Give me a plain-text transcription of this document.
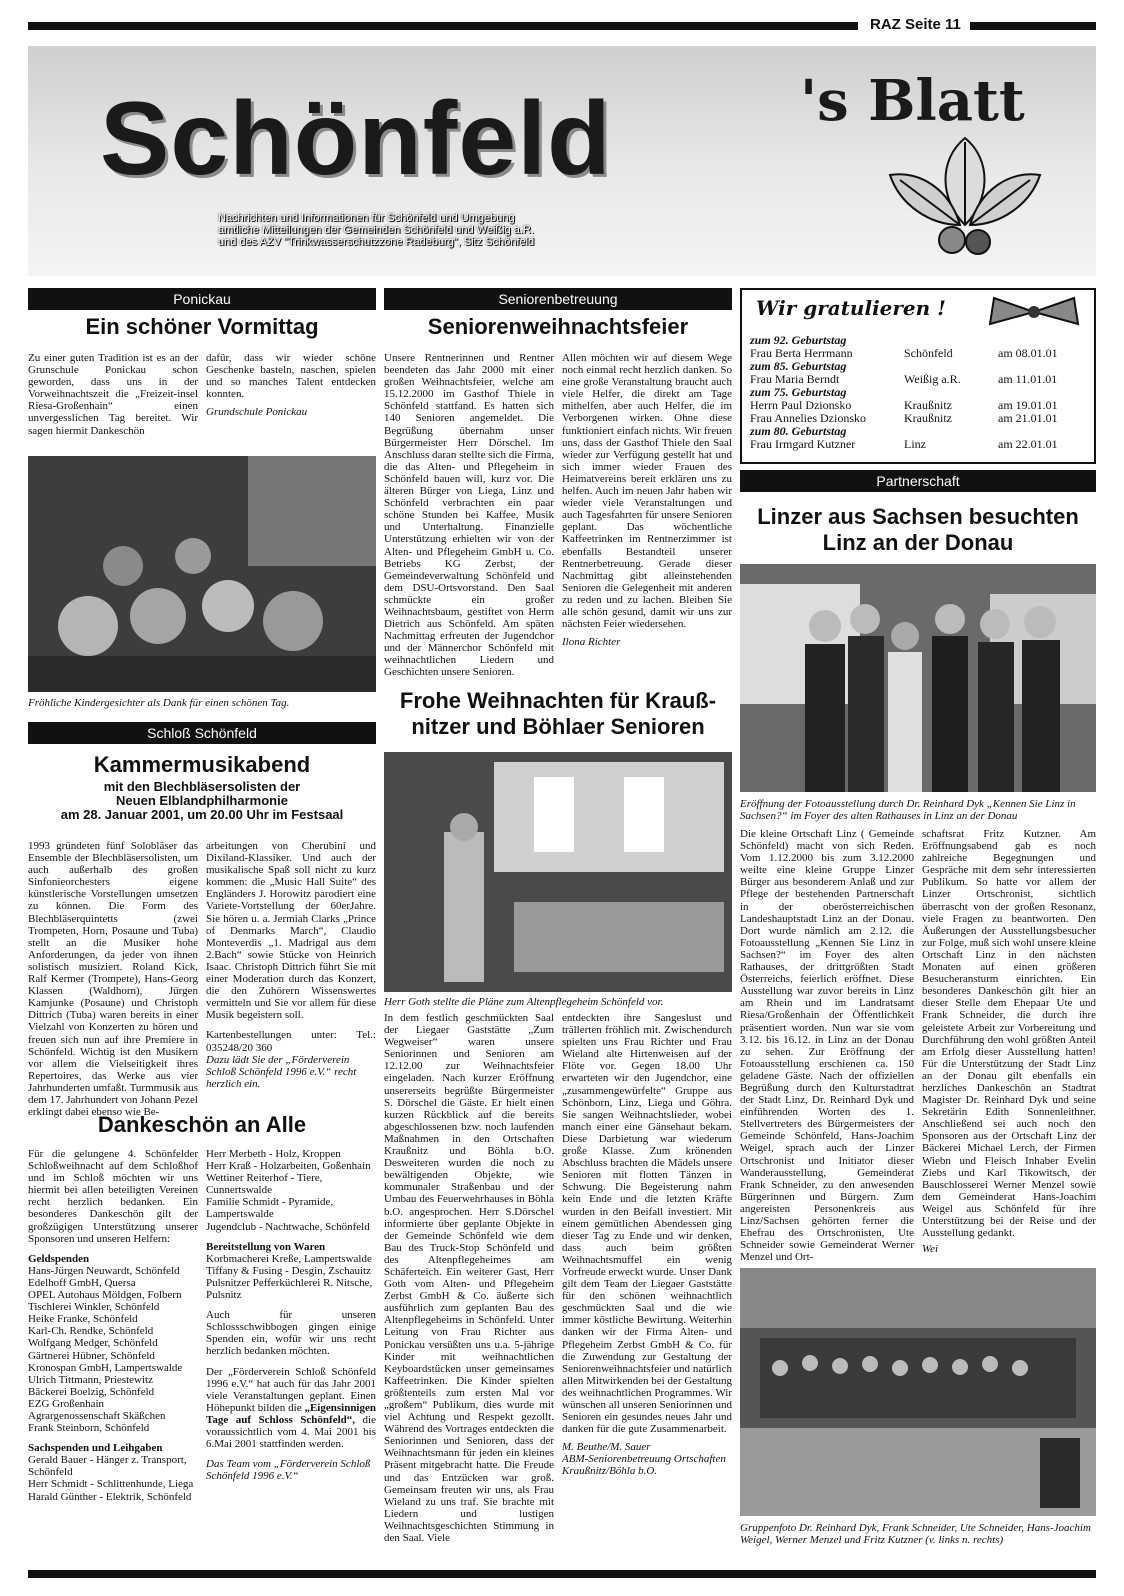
RAZ Seite 11
Schönfeld	's Blatt
Nachrichten und Informationen für Schönfeld und Umgebung
amtliche Mitteilungen der Gemeinden Schönfeld und Weißig a.R.
und des AZV "Trinkwasserschutzzone Radeburg", Sitz Schönfeld
Ponickau
Ein schöner Vormittag
Zu einer guten Tradition ist es an der Grunschule Ponickau schon geworden, dass uns in der Vorweihnachtszeit die „Freizeit-insel Riesa-Großenhain“ einen unvergesslichen Tag bereitet. Wir sagen hiermit Dankeschön
dafür, dass wir wieder schöne Geschenke basteln, naschen, spielen und so manches Talent entdecken konnten.
Grundschule Ponickau
Fröhliche Kindergesichter als Dank für einen schönen Tag.
Schloß Schönfeld
Kammermusikabend
mit den Blechbläsersolisten der
Neuen Elblandphilharmonie
am 28. Januar 2001, um 20.00 Uhr im Festsaal
1993 gründeten fünf Solobläser das Ensemble der Blechbläsersolisten, um auch außerhalb des großen Sinfonieorchesters eigene künstlerische Vorstellungen umsetzen zu können. Die Form des Blechbläserquintetts (zwei Trompeten, Horn, Posaune und Tuba) stellt an die Musiker hohe Anforderungen, da jeder von ihnen solistisch musiziert. Roland Kick, Ralf Kermer (Trompete), Hans-Georg Klassen (Waldhorn), Jürgen Kamjunke (Posaune) und Christoph Dittrich (Tuba) waren bereits in einer Vielzahl von Konzerten zu hören und freuen sich nun auf ihre Premiere in Schönfeld. Wichtig ist den Musikern vor allem die Vielseitigkeit ihres Repertoires, das Werke aus vier Jahrhunderten umfaßt. Turmmusik aus dem 17. Jahrhundert von Johann Pezel erklingt dabei ebenso wie Be-
arbeitungen von Cherubini und Dixiland-Klassiker. Und auch der musikalische Spaß soll nicht zu kurz kommen: die „Music Hall Suite“ des Engländers J. Horowitz parodiert eine Variete-Vortstellung der 60erJahre. Sie hören u. a. Jermiah Clarks „Prince of Denmarks March“, Claudio Monteverdis „1. Madrigal aus dem 2.Bach“ sowie Stücke von Heinrich Isaac. Christoph Dittrich führt Sie mit einer Moderation durch das Konzert, die den Zuhörern Wissenswertes vermitteln und Sie vor allem für diese Musik begeistern soll.
Kartenbestellungen unter: Tel.: 035248/20 360
Dazu lädt Sie der „Förderverein Schloß Schönfeld 1996 e.V.“ recht herzlich ein.
Dankeschön an Alle
Für die gelungene 4. Schönfelder Schloßweihnacht auf dem Schloßhof und im Schloß möchten wir uns hiermit bei allen beteiligten Vereinen recht herzlich bedanken. Ein besonderes Dankeschön gilt der großzügigen Unterstützung unserer Sponsoren und unseren Helfern:
Geldspenden
Hans-Jürgen Neuwardt, Schönfeld
Edelhoff GmbH, Quersa
OPEL Autohaus Möldgen, Folbern
Tischlerei Winkler, Schönfeld
Heike Franke, Schönfeld
Karl-Ch. Rendke, Schönfeld
Wolfgang Medger, Schönfeld
Gärtnerei Hübner, Schönfeld
Kronospan GmbH, Lampertswalde
Ulrich Tittmann, Priestewitz
Bäckerei Boelzig, Schönfeld
EZG Großenhain
Agrargenossenschaft Skäßchen
Frank Steinborn, Schönfeld
Sachspenden und Leihgaben
Gerald Bauer - Hänger z. Transport, Schönfeld
Herr Schmidt - Schlittenhunde, Liega
Harald Günther - Elektrik, Schönfeld
Herr Merbeth - Holz, Kroppen
Herr Kraß - Holzarbeiten, Goßenhain
Wettiner Reiterhof - Tiere, Cunnertswalde
Familie Schmidt - Pyramide, Lampertswalde
Jugendclub - Nachtwache, Schönfeld
Bereitstellung von Waren
Korbmacherei Kreße, Lampertswalde
Tiffany & Fusing - Desgin, Zschauitz
Pulsnitzer Pefferküchlerei R. Nitsche, Pulsnitz
Auch für unseren Schlossschwibbogen gingen einige Spenden ein, wofür wir uns recht herzlich bedanken möchten.
Der „Förderverein Schloß Schönfeld 1996 e.V.“ hat auch für das Jahr 2001 viele Veranstaltungen geplant. Einen Höhepunkt bilden die „Eigensinnigen Tage auf Schloss Schönfeld“, die voraussichtlich vom 4. Mai 2001 bis 6.Mai 2001 stattfinden werden.
Das Team vom „Förderverein Schloß Schönfeld 1996 e.V.“
Seniorenbetreuung
Seniorenweihnachtsfeier
Unsere Rentnerinnen und Rentner beendeten das Jahr 2000 mit einer großen Weihnachtsfeier, welche am 15.12.2000 im Gasthof Thiele in Schönfeld stattfand. Es hatten sich 140 Senioren angemeldet. Die Begrüßung übernahm unser Bürgermeister Herr Dörschel. Im Anschluss daran stellte sich die Firma, die das Alten- und Pflegeheim in Schönfeld bauen will, kurz vor. Die älteren Bürger von Liega, Linz und Schönfeld verbrachten ein paar schöne Stunden bei Kaffee, Musik und Unterhaltung. Finanzielle Unterstützung erhielten wir von der Alten- und Pflegeheim GmbH u. Co. Betriebs KG Zerbst, der Gemeindeverwaltung Schönfeld und dem DSU-Ortsvorstand. Den Saal schmückte ein großer Weihnachtsbaum, gestiftet von Herrn Dietrich aus Schönfeld. Am späten Nachmittag erfreuten der Jugendchor und der Männerchor Schönfeld mit weihnachtlichen Liedern und Geschichten unsere Senioren.
Allen möchten wir auf diesem Wege noch einmal recht herzlich danken. So eine große Veranstaltung braucht auch viele Helfer, die direkt am Tage mithelfen, aber auch Helfer, die im Verborgenen wirken. Ohne diese funktioniert einfach nichts. Wir freuen uns, dass der Gasthof Thiele den Saal wieder zur Verfügung gestellt hat und sich immer wieder Frauen des Heimatvereins bereit erklären uns zu helfen. Auch im neuen Jahr haben wir wieder viele Veranstaltungen und auch Tagesfahrten für unsere Senioren geplant. Das wöchentliche Kaffeetrinken im Rentnerzimmer ist ebenfalls Bestandteil unserer Rentnerbetreuung. Gerade dieser Nachmittag gibt alleinstehenden Senioren die Gelegenheit mit anderen zu reden und zu lachen. Bleiben Sie alle schön gesund, damit wir uns zur nächsten Feier wiedersehen.
Ilona Richter
Frohe Weihnachten für Krauß-
nitzer und Böhlaer Senioren
Herr Goth stellte die Pläne zum Altenpflegeheim Schönfeld vor.
In dem festlich geschmückten Saal der Liegaer Gaststätte „Zum Wegweiser“ waren unsere Seniorinnen und Senioren am 12.12.00 zur Weihnachtsfeier eingeladen. Nach kurzer Eröffnung unsererseits begrüßte Bürgermeister S. Dörschel die Gäste. Er hielt einen kurzen Rückblick auf die bereits abgeschlossenen bzw. noch laufenden Maßnahmen in den Ortschaften Kraußnitz und Böhla b.O. Desweiteren wurden die noch zu bewältigenden Objekte, wie kommunaler Straßenbau und der Umbau des Feuerwehrhauses in Böhla b.O. angesprochen. Herr S.Dörschel informierte über geplante Objekte in der Gemeinde Schönfeld wie dem Bau des Truck-Stop Schönfeld und des Altenpflegeheimes am Schäferteich. Ein weiterer Gast, Herr Goth vom Alten- und Pflegeheim Zerbst GmbH & Co. äußerte sich ausführlich zum geplanten Bau des Altenpflegeheims in Schönfeld. Unter Leitung von Frau Richter aus Ponickau versüßten uns u.a. 5-jährige Kinder mit weihnachtlichen Keyboardstücken unser gemeinsames Kaffeetrinken. Die Kinder spielten größtenteils zum ersten Mal vor „großem“ Publikum, dies wurde mit viel Achtung und Respekt gezollt. Während des Vortrages entdeckten die Seniorinnen und Senioren, dass der Weihnachtsmann für jeden ein kleines Präsent mitgebracht hatte. Die Freude und das Entzücken war groß. Gemeinsam freuten wir uns, als Frau Wieland zu uns traf. Sie brachte mit Liedern und lustigen Weihnachtsgeschichten Stimmung in den Saal. Viele
entdeckten ihre Sangeslust und trällerten fröhlich mit. Zwischendurch spielten uns Frau Richter und Frau Wieland alte Hirtenweisen auf der Flöte vor. Gegen 18.00 Uhr erwarteten wir den Jugendchor, eine „zusammengewürfelte“ Gruppe aus Schönborn, Linz, Liega und Göhra. Sie sangen Weihnachtslieder, wobei manch einer eine Gänsehaut bekam. Diese Darbietung war wiederum große Klasse. Zum krönenden Abschluss brachten die Mädels unsere Senioren mit flotten Tänzen in Schwung. Die Begeisterung nahm kein Ende und die letzten Kräfte wurden in den Beifall investiert. Mit einem gemütlichen Abendessen ging dieser Tag zu Ende und wir denken, dass auch beim größten Weihnachtsmuffel ein wenig Vorfreude erweckt wurde. Unser Dank gilt dem Team der Liegaer Gaststätte für den schönen weihnachtlich geschmückten Saal und die wie immer köstliche Bewirtung. Weiterhin danken wir der Firma Alten- und Pflegeheim Zerbst GmbH & Co. für die Zuwendung zur Gestaltung der Seniorenweihnachtsfeier und natürlich allen Mitwirkenden bei der Gestaltung des weihnachtlichen Programmes. Wir wünschen all unseren Seniorinnen und Senioren ein gesundes neues Jahr und danken für die gute Zusammenarbeit.
M. Beuthe/M. Sauer
ABM-Seniorenbetreuung Ortschaften Kraußnitz/Böhla b.O.
Wir gratulieren !
zum 92. Geburtstag		
Frau Berta Herrmann	Schönfeld	am 08.01.01
zum 85. Geburtstag		
Frau Maria Berndt	Weißig a.R.	am 11.01.01
zum 75. Geburtstag		
Herrn Paul Dzionsko	Kraußnitz	am 19.01.01
Frau Annelies Dzionsko	Kraußnitz	am 21.01.01
zum 80. Geburtstag		
Frau Irmgard Kutzner	Linz	am 22.01.01
Partnerschaft
Linzer aus Sachsen besuchten
Linz an der Donau
Eröffnung der Fotoausstellung durch Dr. Reinhard Dyk „Kennen Sie Linz in Sachsen?“ im Foyer des alten Rathauses in Linz an der Donau
Die kleine Ortschaft Linz ( Gemeinde Schönfeld) macht von sich Reden. Vom 1.12.2000 bis zum 3.12.2000 weilte eine kleine Gruppe Linzer Bürger aus besonderem Anlaß und zur Pflege der bestehenden Partnerschaft in der oberösterreichischen Landeshauptstadt Linz an der Donau. Dort wurde nämlich am 2.12. die Fotoausstellung „Kennen Sie Linz in Sachsen?“ im Foyer des alten Rathauses, der drittgrößten Stadt Österreichs, feierlich eröffnet. Diese Ausstellung war zuvor bereits in Linz am Rhein und im Landratsamt Riesa/Großenhain der Öffentlichkeit präsentiert worden. Nun war sie vom 3.12. bis 16.12. in Linz an der Donau zu sehen. Zur Eröffnung der Fotoausstellung erschienen ca. 150 geladene Gäste. Nach der offiziellen Begrüßung durch den Kulturstadtrat der Stadt Linz, Dr. Reinhard Dyk und einführenden Worten des 1. Stellvertreters des Bürgermeisters der Gemeinde Schönfeld, Hans-Joachim Weigel, sprach auch der Linzer Ortschronist und Initiator dieser Wanderausstellung, Gemeinderat Frank Schneider, zu den anwesenden Bürgerinnen und Bürgern. Zum angereisten Personenkreis aus Linz/Sachsen gehörten ferner die Ehefrau des Ortschronisten, Ute Schneider sowie Gemeinderat Werner Menzel und Ort-
schaftsrat Fritz Kutzner. Am Eröffnungsabend gab es noch zahlreiche Begegnungen und Gespräche mit dem sehr interessierten Publikum. So hatte vor allem der Linzer Ortschronist, sichtlich überrascht von der großen Resonanz, viele Fragen zu beantworten. Den Äußerungen der Ausstellungsbesucher zur Folge, muß sich wohl unsere kleine Ortschaft Linz in den nächsten Monaten auf einen größeren Besucheransturm einrichten. Ein besonderes Dankeschön gilt hier an dieser Stelle dem Ehepaar Ute und Frank Schneider, die durch ihre geleistete Arbeit zur Vorbereitung und Durchführung den wohl größten Anteil am Erfolg dieser Ausstellung hatten! Für die Unterstützung der Stadt Linz an der Donau gilt ebenfalls ein herzliches Dankeschön an Stadtrat Magister Dr. Reinhard Dyk und seine Sekretärin Edith Sonnenleithner. Anschließend sei auch noch den Sponsoren aus der Ortschaft Linz der Bäckerei Michael Lerch, der Firmen Wiebn und Fleisch Inhaber Evelin Ziebs und Karl Tikowitsch, der Bauschlosserei Werner Menzel sowie dem Gemeinderat Hans-Joachim Weigel aus Schönfeld für ihre Unterstützung bei der Reise und der Ausstellung gedankt.
Wei
Gruppenfoto Dr. Reinhard Dyk, Frank Schneider, Ute Schneider, Hans-Joachim Weigel, Werner Menzel und Fritz Kutzner (v. links n. rechts)
